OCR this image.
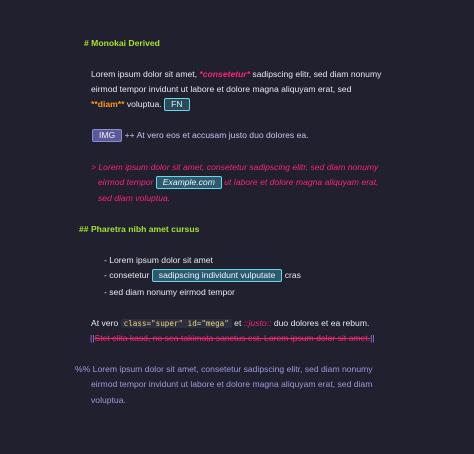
# Monokai Derived
Lorem ipsum dolor sit amet, *consetetur* sadipscing elitr, sed diam nonumy
eirmod tempor invidunt ut labore et dolore magna aliquyam erat, sed
**diam** voluptua. FN
IMG ++ At vero eos et accusam justo duo dolores ea.
> Lorem ipsum dolor sit amet, consetetur sadipscing elitr, sed diam nonumy
eirmod tempor Example.com ut labore et dolore magna aliquyam erat,
sed diam voluptua.
## Pharetra nibh amet cursus
- Lorem ipsum dolor sit amet
- consetetur sadipscing individunt vulputate cras
- sed diam nonumy eirmod tempor
At vero class="super" id="mega" et ::justo:: duo dolores et ea rebum.
||Stet clita kasd, no sea takimata sanctus est. Lorem ipsum dolor sit amet.||
%% Lorem ipsum dolor sit amet, consetetur sadipscing elitr, sed diam nonumy
eirmod tempor invidunt ut labore et dolore magna aliquyam erat, sed diam
voluptua.
